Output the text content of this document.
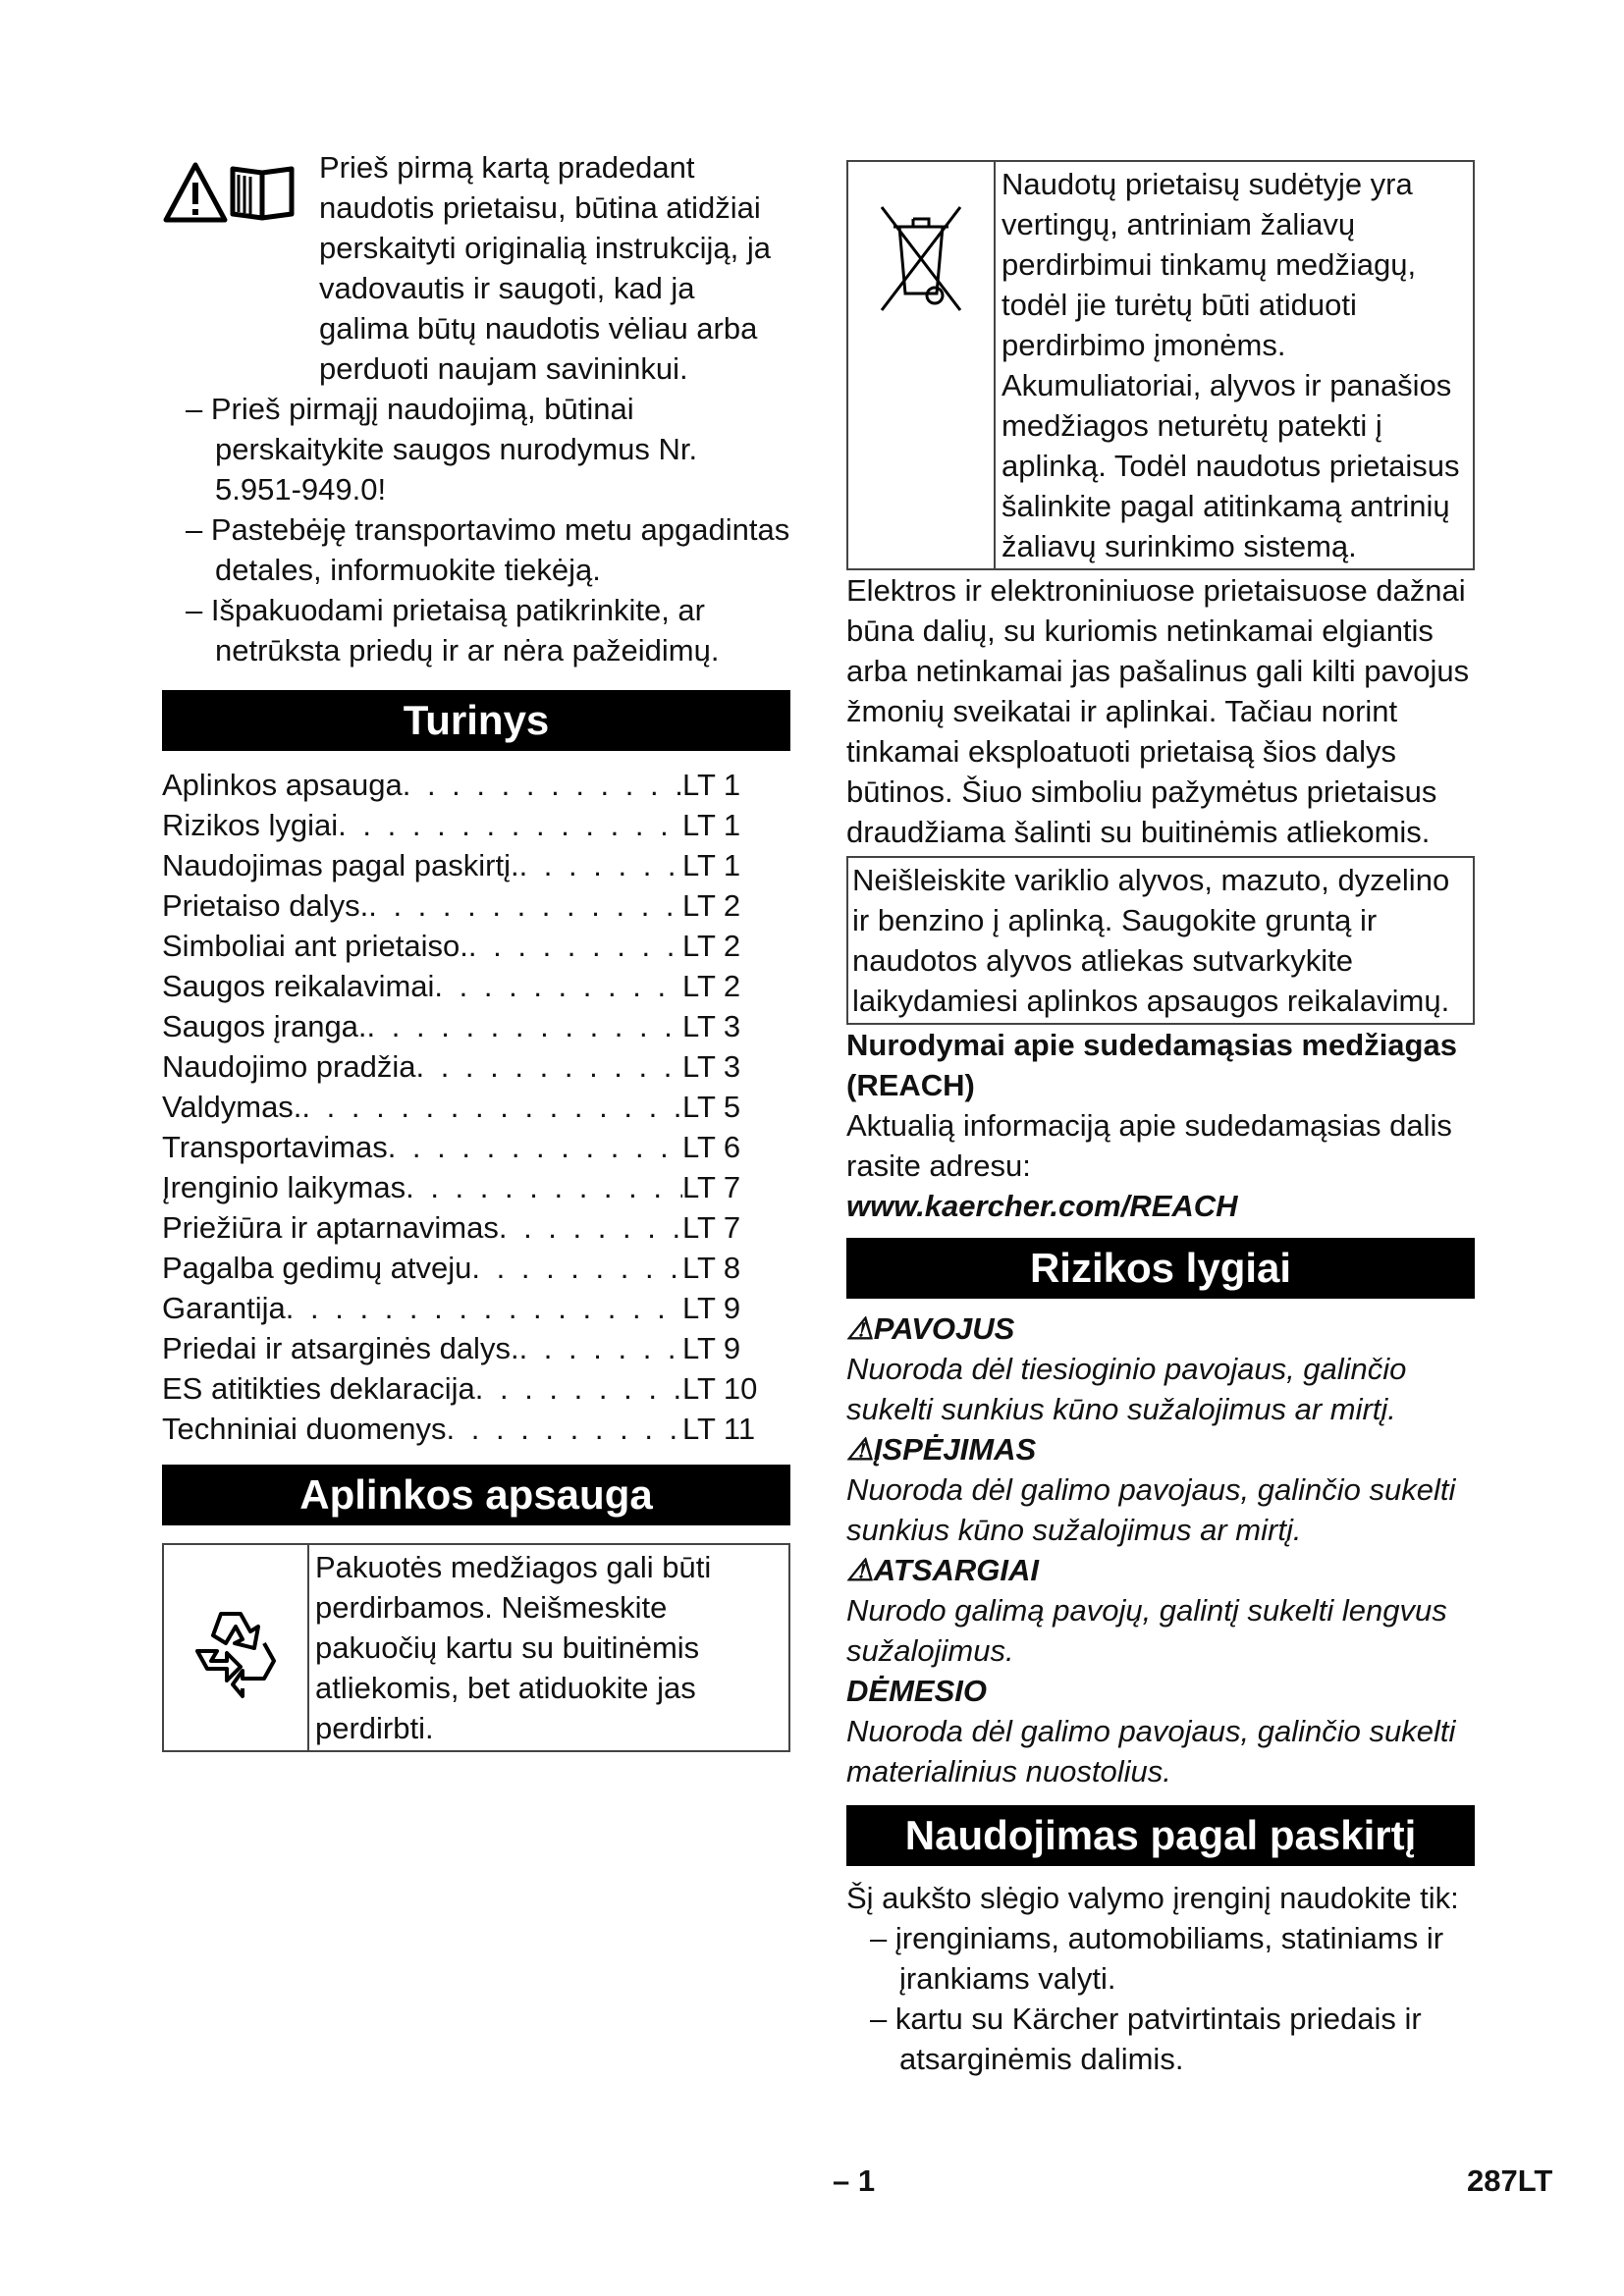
Prieš pirmą kartą pradedant naudotis prietaisu, būtina atidžiai perskaityti originalią instrukciją, ja vadovautis ir saugoti, kad ja galima būtų naudotis vėliau arba perduoti naujam savininkui.
– Prieš pirmąjį naudojimą, būtinai perskaitykite saugos nurodymus Nr. 5.951-949.0!
– Pastebėję transportavimo metu apgadintas detales, informuokite tiekėją.
– Išpakuodami prietaisą patikrinkite, ar netrūksta priedų ir ar nėra pažeidimų.
Turinys
Aplinkos apsauga . . .	LT 1
Rizikos lygiai . . .	LT 1
Naudojimas pagal paskirtį. . . .	LT 1
Prietaiso dalys. . . .	LT 2
Simboliai ant prietaiso. . . .	LT 2
Saugos reikalavimai . . .	LT 2
Saugos įranga. . . .	LT 3
Naudojimo pradžia . . .	LT 3
Valdymas. . . .	LT 5
Transportavimas . . .	LT 6
Įrenginio laikymas . . .	LT 7
Priežiūra ir aptarnavimas . . .	LT 7
Pagalba gedimų atveju . . .	LT 8
Garantija . . .	LT 9
Priedai ir atsarginės dalys. . . .	LT 9
ES atitikties deklaracija . . .	LT 10
Techniniai duomenys . . .	LT 11
Aplinkos apsauga
Pakuotės medžiagos gali būti perdirbamos. Neišmeskite pakuočių kartu su buitinėmis atliekomis, bet atiduokite jas perdirbti.
Naudotų prietaisų sudėtyje yra vertingų, antriniam žaliavų perdirbimui tinkamų medžiagų, todėl jie turėtų būti atiduoti perdirbimo įmonėms. Akumuliatoriai, alyvos ir panašios medžiagos neturėtų patekti į aplinką. Todėl naudotus prietaisus šalinkite pagal atitinkamą antrinių žaliavų surinkimo sistemą.
Elektros ir elektroniniuose prietaisuose dažnai būna dalių, su kuriomis netinkamai elgiantis arba netinkamai jas pašalinus gali kilti pavojus žmonių sveikatai ir aplinkai. Tačiau norint tinkamai eksploatuoti prietaisą šios dalys būtinos. Šiuo simboliu pažymėtus prietaisus draudžiama šalinti su buitinėmis atliekomis.
Neišleiskite variklio alyvos, mazuto, dyzelino ir benzino į aplinką. Saugokite gruntą ir naudotos alyvos atliekas sutvarkykite laikydamiesi aplinkos apsaugos reikalavimų.
Nurodymai apie sudedamąsias medžiagas (REACH)
Aktualią informaciją apie sudedamąsias dalis rasite adresu:
www.kaercher.com/REACH
Rizikos lygiai
⚠PAVOJUS
Nuoroda dėl tiesioginio pavojaus, galinčio sukelti sunkius kūno sužalojimus ar mirtį.
⚠ĮSPĖJIMAS
Nuoroda dėl galimo pavojaus, galinčio sukelti sunkius kūno sužalojimus ar mirtį.
⚠ATSARGIAI
Nurodo galimą pavojų, galintį sukelti lengvus sužalojimus.
DĖMESIO
Nuoroda dėl galimo pavojaus, galinčio sukelti materialinius nuostolius.
Naudojimas pagal paskirtį
Šį aukšto slėgio valymo įrenginį naudokite tik:
– įrenginiams, automobiliams, statiniams ir įrankiams valyti.
– kartu su Kärcher patvirtintais priedais ir atsarginėmis dalimis.
– 1	287LT
